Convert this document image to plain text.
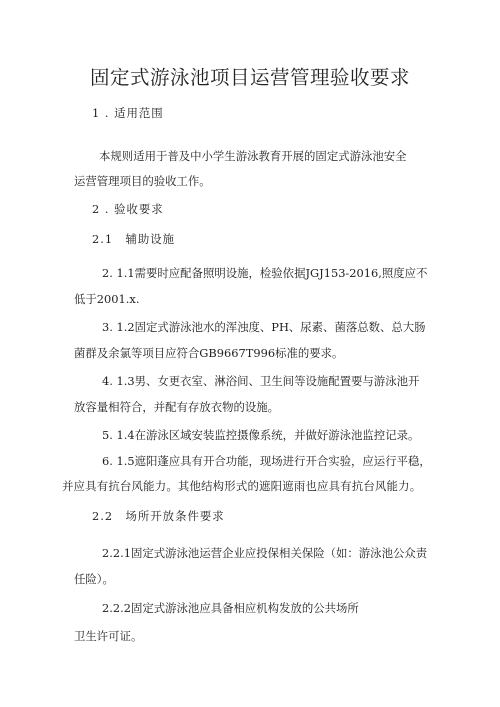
固定式游泳池项目运营管理验收要求
1 . 适用范围
本规则适用于普及中小学生游泳教育开展的固定式游泳池安全
运营管理项目的验收工作。
2 . 验收要求
2.1　辅助设施
2. 1.1需要时应配备照明设施，检验依据JGJ153-2016,照度应不
低于2001.x.
3. 1.2固定式游泳池水的浑浊度、PH、尿素、菌落总数、总大肠
菌群及余氯等项目应符合GB9667T996标准的要求。
4. 1.3男、女更衣室、淋浴间、卫生间等设施配置要与游泳池开
放容量相符合，并配有存放衣物的设施。
5. 1.4在游泳区域安装监控摄像系统，并做好游泳池监控记录。
6. 1.5遮阳蓬应具有开合功能，现场进行开合实验，应运行平稳，
并应具有抗台风能力。其他结构形式的遮阳遮雨也应具有抗台风能力。
2.2　场所开放条件要求
2.2.1固定式游泳池运营企业应投保相关保险（如：游泳池公众责
任险）。
2.2.2固定式游泳池应具备相应机构发放的公共场所
卫生许可证。
